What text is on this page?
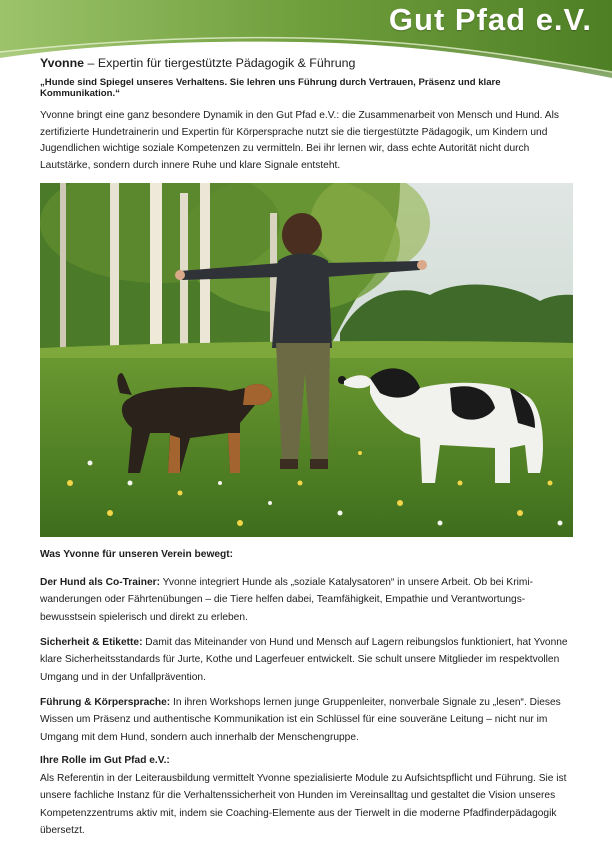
Gut Pfad e.V.

Yvonne – Expertin für tiergestützte Pädagogik & Führung

„Hunde sind Spiegel unseres Verhaltens. Sie lehren uns Führung durch Vertrauen, Präsenz und klare Kommunikation.“

Yvonne bringt eine ganz besondere Dynamik in den Gut Pfad e.V.: die Zusammenarbeit von Mensch und Hund. Als zertifizierte Hundetrainerin und Expertin für Körpersprache nutzt sie die tiergestützte Pädagogik, um Kindern und Jugendlichen wichtige soziale Kompetenzen zu vermitteln. Bei ihr lernen wir, dass echte Autorität nicht durch Lautstärke, sondern durch innere Ruhe und klare Signale entsteht.

Was Yvonne für unseren Verein bewegt:

Der Hund als Co-Trainer: Yvonne integriert Hunde als „soziale Katalysatoren“ in unsere Arbeit. Ob bei Krimi-wanderungen oder Fährtenübungen – die Tiere helfen dabei, Teamfähigkeit, Empathie und Verantwortungs-bewusstsein spielerisch und direkt zu erleben.

Sicherheit & Etikette: Damit das Miteinander von Hund und Mensch auf Lagern reibungslos funktioniert, hat Yvonne klare Sicherheitsstandards für Jurte, Kothe und Lagerfeuer entwickelt. Sie schult unsere Mitglieder im respektvollen Umgang und in der Unfallprävention.

Führung & Körpersprache: In ihren Workshops lernen junge Gruppenleiter, nonverbale Signale zu „lesen“. Dieses Wissen um Präsenz und authentische Kommunikation ist ein Schlüssel für eine souveräne Leitung – nicht nur im Umgang mit dem Hund, sondern auch innerhalb der Menschengruppe.

Ihre Rolle im Gut Pfad e.V.:

Als Referentin in der Leiterausbildung vermittelt Yvonne spezialisierte Module zu Aufsichtspflicht und Führung. Sie ist unsere fachliche Instanz für die Verhaltenssicherheit von Hunden im Vereinsalltag und gestaltet die Vision unseres Kompetenzzentrums aktiv mit, indem sie Coaching-Elemente aus der Tierwelt in die moderne Pfadfinderpädagogik übersetzt.
